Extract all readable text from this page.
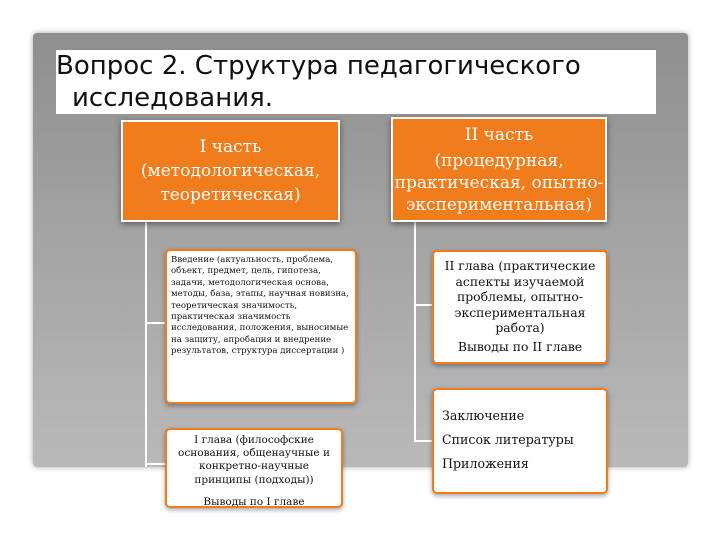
Вопрос 2. Структура педагогического
исследования.
I часть
(методологическая,
теоретическая)
II часть
(процедурная,
практическая, опытно-
экспериментальная)
Введение (актуальность, проблема, объект, предмет, цель, гипотеза, задачи, методологическая основа, методы, база, этапы, научная новизна, теоретическая значимость, практическая значимость исследования, положения, выносимые на защиту, апробация и внедрение результатов, структура диссертации )
I глава (философские
основания, общенаучные и
конкретно-научные
принципы (подходы))
Выводы по I главе
II глава (практические
аспекты изучаемой
проблемы, опытно-
экспериментальная
работа)
Выводы по II главе
Заключение
Список литературы
Приложения
